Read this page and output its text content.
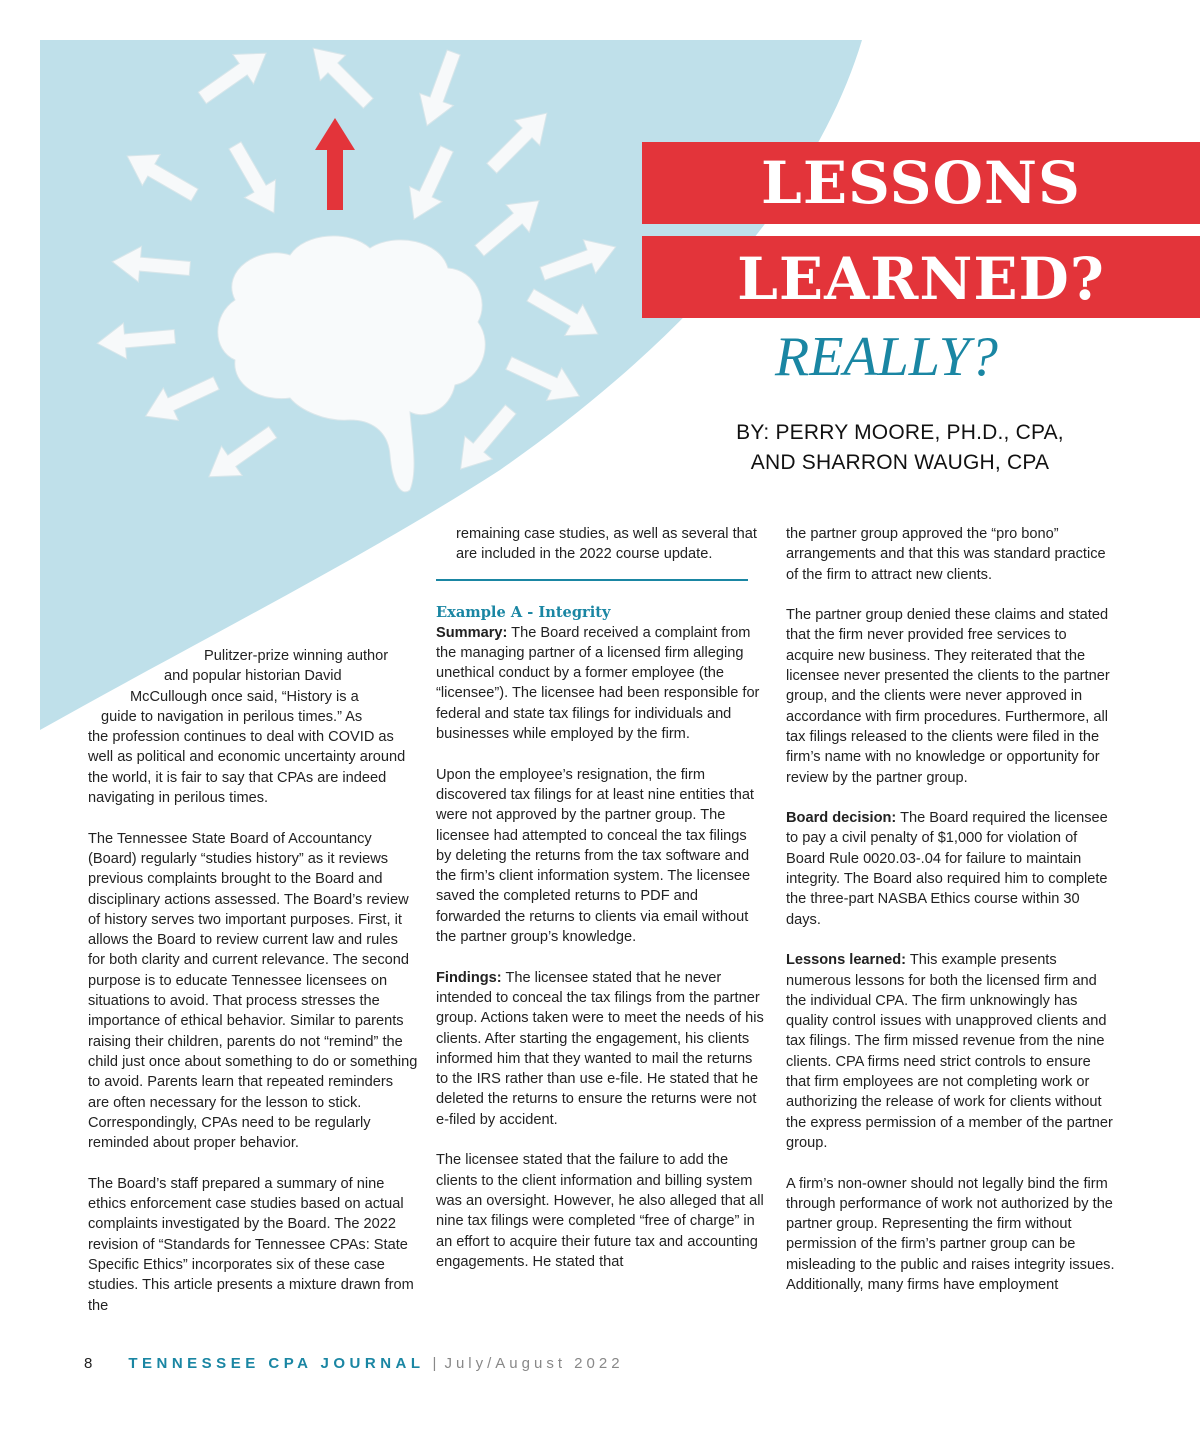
LESSONS
LEARNED?
REALLY?
BY: PERRY MOORE, PH.D., CPA,
AND SHARRON WAUGH, CPA
Pulitzer-prize winning author
and popular historian David
McCullough once said, “History is a
guide to navigation in perilous times.” As

the profession continues to deal with COVID as well as political and economic uncertainty around the world, it is fair to say that CPAs are indeed navigating in perilous times.

The Tennessee State Board of Accountancy (Board) regularly “studies history” as it reviews previous complaints brought to the Board and disciplinary actions assessed. The Board’s review of history serves two important purposes. First, it allows the Board to review current law and rules for both clarity and current relevance. The second purpose is to educate Tennessee licensees on situations to avoid. That process stresses the importance of ethical behavior. Similar to parents raising their children, parents do not “remind” the child just once about something to do or something to avoid. Parents learn that repeated reminders are often necessary for the lesson to stick. Correspondingly, CPAs need to be regularly reminded about proper behavior.

The Board’s staff prepared a summary of nine ethics enforcement case studies based on actual complaints investigated by the Board. The 2022 revision of “Standards for Tennessee CPAs: State Specific Ethics” incorporates six of these case studies. This article presents a mixture drawn from the

remaining case studies, as well as several that are included in the 2022 course update.
Example A - Integrity

Summary: The Board received a complaint from the managing partner of a licensed firm alleging unethical conduct by a former employee (the “licensee”). The licensee had been responsible for federal and state tax filings for individuals and businesses while employed by the firm.

Upon the employee’s resignation, the firm discovered tax filings for at least nine entities that were not approved by the partner group. The licensee had attempted to conceal the tax filings by deleting the returns from the tax software and the firm’s client information system. The licensee saved the completed returns to PDF and forwarded the returns to clients via email without the partner group’s knowledge.

Findings: The licensee stated that he never intended to conceal the tax filings from the partner group. Actions taken were to meet the needs of his clients. After starting the engagement, his clients informed him that they wanted to mail the returns to the IRS rather than use e-file. He stated that he deleted the returns to ensure the returns were not e-filed by accident.

The licensee stated that the failure to add the clients to the client information and billing system was an oversight. However, he also alleged that all nine tax filings were completed “free of charge” in an effort to acquire their future tax and accounting engagements. He stated that

the partner group approved the “pro bono” arrangements and that this was standard practice of the firm to attract new clients.

The partner group denied these claims and stated that the firm never provided free services to acquire new business. They reiterated that the licensee never presented the clients to the partner group, and the clients were never approved in accordance with firm procedures. Furthermore, all tax filings released to the clients were filed in the firm’s name with no knowledge or opportunity for review by the partner group.

Board decision: The Board required the licensee to pay a civil penalty of $1,000 for violation of Board Rule 0020.03-.04 for failure to maintain integrity. The Board also required him to complete the three-part NASBA Ethics course within 30 days.

Lessons learned: This example presents numerous lessons for both the licensed firm and the individual CPA. The firm unknowingly has quality control issues with unapproved clients and tax filings. The firm missed revenue from the nine clients. CPA firms need strict controls to ensure that firm employees are not completing work or authorizing the release of work for clients without the express permission of a member of the partner group.

A firm’s non-owner should not legally bind the firm through performance of work not authorized by the partner group. Representing the firm without permission of the firm’s partner group can be misleading to the public and raises integrity issues. Additionally, many firms have employment

8 TENNESSEE CPA JOURNAL | July/August 2022
